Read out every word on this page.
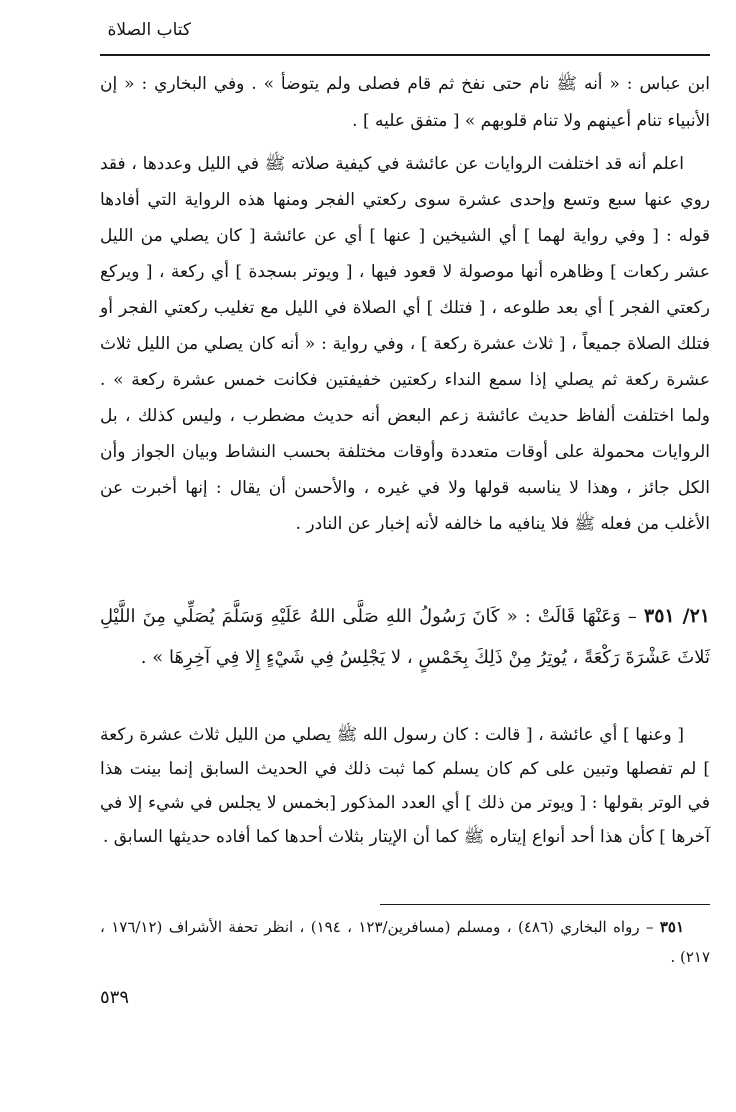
كتاب الصلاة

ابن عباس : « أنه ﷺ نام حتى نفخ ثم قام فصلى ولم يتوضأ » . وفي البخاري : « إن الأنبياء تنام أعينهم ولا تنام قلوبهم » [ متفق عليه ] .

اعلم أنه قد اختلفت الروايات عن عائشة في كيفية صلاته ﷺ في الليل وعددها ، فقد روي عنها سبع وتسع وإحدى عشرة سوى ركعتي الفجر ومنها هذه الرواية التي أفادها قوله : [ وفي رواية لهما ] أي الشيخين [ عنها ] أي عن عائشة [ كان يصلي من الليل عشر ركعات ] وظاهره أنها موصولة لا قعود فيها ، [ ويوتر بسجدة ] أي ركعة ، [ ويركع ركعتي الفجر ] أي بعد طلوعه ، [ فتلك ] أي الصلاة في الليل مع تغليب ركعتي الفجر أو فتلك الصلاة جميعاً ، [ ثلاث عشرة ركعة ] ، وفي رواية : « أنه كان يصلي من الليل ثلاث عشرة ركعة ثم يصلي إذا سمع النداء ركعتين خفيفتين فكانت خمس عشرة ركعة » . ولما اختلفت ألفاظ حديث عائشة زعم البعض أنه حديث مضطرب ، وليس كذلك ، بل الروايات محمولة على أوقات متعددة وأوقات مختلفة بحسب النشاط وبيان الجواز وأن الكل جائز ، وهذا لا يناسبه قولها ولا في غيره ، والأحسن أن يقال : إنها أخبرت عن الأغلب من فعله ﷺ فلا ينافيه ما خالفه لأنه إخبار عن النادر .

٢١/ ٣٥١ – وَعَنْهَا قَالَتْ : « كَانَ رَسُولُ اللهِ صَلَّى اللهُ عَلَيْهِ وَسَلَّمَ يُصَلِّي مِنَ اللَّيْلِ ثَلاثَ عَشْرَةَ رَكْعَةً ، يُوتِرُ مِنْ ذَلِكَ بِخَمْسٍ ، لا يَجْلِسُ فِي شَيْءٍ إِلا فِي آخِرِهَا » .

[ وعنها ] أي عائشة ، [ قالت : كان رسول الله ﷺ يصلي من الليل ثلاث عشرة ركعة ] لم تفصلها وتبين على كم كان يسلم كما ثبت ذلك في الحديث السابق إنما بينت هذا في الوتر بقولها : [ ويوتر من ذلك ] أي العدد المذكور [بخمس لا يجلس في شيء إلا في آخرها ] كأن هذا أحد أنواع إيتاره ﷺ كما أن الإيتار بثلاث أحدها كما أفاده حديثها السابق .

٣٥١ – رواه البخاري (٤٨٦) ، ومسلم (مسافرين/١٢٣ ، ١٩٤) ، انظر تحفة الأشراف (١٧٦/١٢ ، ٢١٧) .

٥٣٩
